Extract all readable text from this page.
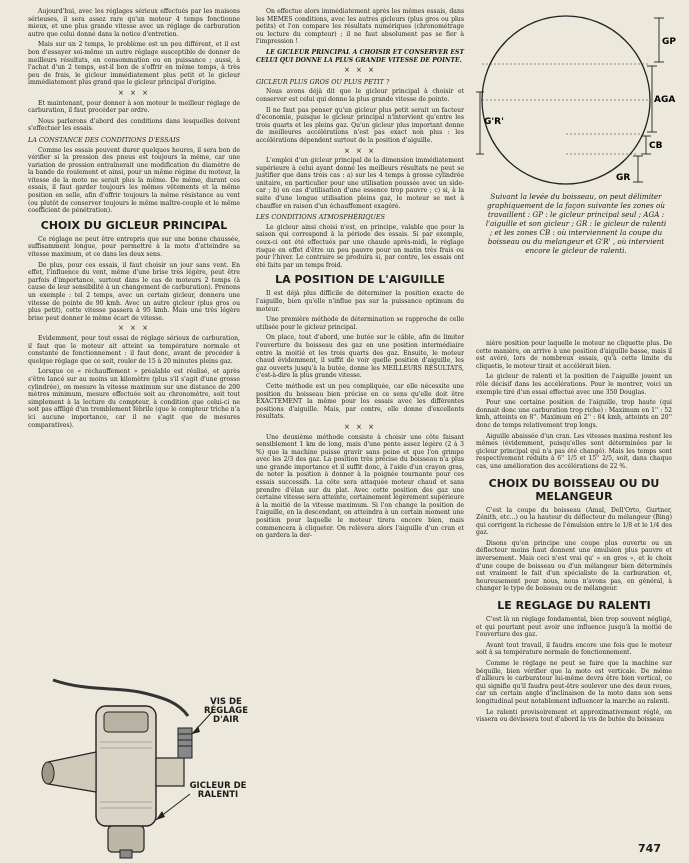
Aujourd'hui, avec les réglages sérieux effectués par les maisons sérieuses, il sera assez rare qu'un moteur 4 temps fonctionne mieux, et une plus grande vitesse avec un réglage de carburation autre que celui donné dans la notice d'entretien.

Mais sur un 2 temps, le problème est un peu différent, et il est bon d'essayer soi-même un autre réglage susceptible de donner de meilleurs résultats, en consommation ou en puissance ; aussi, à l'achat d'un 2 temps, est-il bon de s'offrir en même temps, à très peu de frais, le gicleur immédiatement plus petit et le gicleur immédiatement plus grand que le gicleur principal d'origine.

× × ×

Et maintenant, pour donner à son moteur le meilleur réglage de carburation, il faut procéder par ordre.

Nous parlerons d'abord des conditions dans lesquelles doivent s'effectuer les essais.

LA CONSTANCE DES CONDITIONS D'ESSAIS

Comme les essais peuvent durer quelques heures, il sera bon de vérifier si la pression des pneus est toujours la même, car une variation de pression entraînerait une modification du diamètre de la bande de roulement et ainsi, pour un même régime du moteur, la vitesse de la moto ne serait plus la même. De même, durant ces essais, il faut garder toujours les mêmes vêtements et la même position en selle, afin d'offrir toujours la même résistance au vent (ou plutôt de conserver toujours le même maître-couple et le même coefficient de pénétration).

CHOIX DU GICLEUR PRINCIPAL

Ce réglage ne peut être entrepris que sur une bonne chaussée, suffisamment longue, pour permettre à la moto d'atteindre sa vitesse maximum, et ce dans les deux sens.

De plus, pour ces essais, il faut choisir un jour sans vent. En effet, l'influence du vent, même d'une brise très légère, peut être parfois d'importance, surtout dans le cas de moteurs 2 temps (à cause de leur sensibilité à un changement de carburation). Prenons un exemple : tel 2 temps, avec un certain gicleur, donnera une vitesse de pointe de 90 kmh. Avec un autre gicleur (plus gros ou plus petit), cette vitesse passera à 95 kmh. Mais une très légère brise peut donner le même écart de vitesse.

× × ×

Evidemment, pour tout essai de réglage sérieux de carburation, il faut que le moteur ait atteint sa température normale et constante de fonctionnement : il faut donc, avant de procéder à quelque réglage que ce soit, rouler de 15 à 20 minutes pleins gaz.

Lorsque ce « réchauffement » préalable est réalisé, et après s'être lancé sur au moins un kilomètre (plus s'il s'agit d'une grosse cylindrée), on mesure la vitesse maximum sur une distance de 200 mètres minimum, mesure effectuée soit au chronomètre, soit tout simplement à la lecture du compteur, à condition que celui-ci ne soit pas affligé d'un tremblement fébrile (que le compteur triche n'a ici aucune importance, car il ne s'agit que de mesures comparatives).

VIS DE RÉGLAGE D'AIR
GICLEUR DE RALENTI

On effectue alors immédiatement après les mêmes essais, dans les MEMES conditions, avec les autres gicleurs (plus gros ou plus petits) et l'on compare les résultats numériques (chronométrage ou lecture du compteur) ; il ne faut absolument pas se fier à l'impression !

LE GICLEUR PRINCIPAL A CHOISIR ET CONSERVER EST CELUI QUI DONNE LA PLUS GRANDE VITESSE DE POINTE.

× × ×
GICLEUR PLUS GROS OU PLUS PETIT ?

Nous avons déjà dit que le gicleur principal à choisir et conserver est celui qui donne la plus grande vitesse de pointe.

Il ne faut pas penser qu'un gicleur plus petit serait un facteur d'économie, puisque le gicleur principal n'intervient qu'entre les trois quarts et les pleins gaz. Qu'un gicleur plus important donne de meilleures accélérations n'est pas exact non plus : les accélérations dépendent surtout de la position d'aiguille.

× × ×

L'emploi d'un gicleur principal de la dimension immédiatement supérieure à celui ayant donné les meilleurs résultats ne peut se justifier que dans trois cas : a) sur les 4 temps à grosse cylindrée unitaire, en particulier pour une utilisation poussée avec un side-car ; b) en cas d'utilisation d'une essence trop pauvre ; c) si, à la suite d'une longue utilisation pleins gaz, le moteur se met à chauffer en raison d'un échauffement exagéré.

LES CONDITIONS ATMOSPHÉRIQUES

Le gicleur ainsi choisi n'est, en principe, valable que pour la saison qui correspond à la période des essais. Si par exemple, ceux-ci ont été effectués par une chaude après-midi, le réglage risque en effet d'être un peu pauvre pour un matin très frais ou pour l'hiver. Le contraire se produira si, par contre, les essais ont été faits par un temps froid.

LA POSITION DE L'AIGUILLE

Il est déjà plus difficile de déterminer la position exacte de l'aiguille, bien qu'elle n'influe pas sur la puissance optimum du moteur.

Une première méthode de détermination se rapproche de celle utilisée pour le gicleur principal.

On place, tout d'abord, une butée sur le câble, afin de limiter l'ouverture du boisseau des gaz en une position intermédiaire entre la moitié et les trois quarts des gaz. Ensuite, le moteur chaud évidemment, il suffit de voir quelle position d'aiguille, les gaz ouverts jusqu'à la butée, donne les MEILLEURS RÉSULTATS, c'est-à-dire la plus grande vitesse.

Cette méthode est un peu compliquée, car elle nécessite une position du boisseau bien précise en ce sens qu'elle doit être EXACTEMENT la même pour les essais avec les différentes positions d'aiguille. Mais, par contre, elle donne d'excellents résultats.

× × ×

Une deuxième méthode consiste à choisir une côte faisant sensiblement 1 km de long, mais d'une pente assez légère (2 à 3 %) que la machine puisse gravir sans peine et que l'on grimpe avec les 2/3 des gaz. La position très précise du boisseau n'a plus une grande importance et il suffit donc, à l'aide d'un crayon gras, de noter la position à donner à la poignée tournante pour ces essais successifs. La côte sera attaquée moteur chaud et sans prendre d'élan sur du plat. Avec cette position des gaz une certaine vitesse sera atteinte, certainement légèrement supérieure à la moitié de la vitesse maximum. Si l'on change la position de l'aiguille, en la descendant, on atteindra à un certain moment une position pour laquelle le moteur tirera encore bien, mais commencera à cliqueter. On relèvera alors l'aiguille d'un cran et on gardera la der-

GP
G'R'
AGA
CB
GR
Suivant la levée du boisseau, on peut délimiter graphiquement de la façon suivante les zones où travaillent : GP : le gicleur principal seul ; AGA : l'aiguille et son gicleur ; GR : le gicleur de ralenti ; et les zones CB : où interviennent la coupe du boisseau ou du melangeur et G'R' , où intervient encore le gicleur de ralenti.

nière position pour laquelle le moteur ne cliquette plus. De cette manière, on arrive à une position d'aiguille basse, mais il est avéré, lors de nombreux essais, qu'à cette limite du cliquetis, le moteur tirait et accélérait bien.

Le gicleur de ralenti et la position de l'aiguille jouent un rôle décisif dans les accélérations. Pour le montrer, voici un exemple tiré d'un essai effectué avec une 350 Douglas.

Pour une certaine position de l'aiguille, trop haute (qui donnait donc une carburation trop riche) : Maximum en 1'' : 52 kmh, atteints en 8''. Maximum en 2'' : 84 kmh, atteints en 20'' donc de temps relativement trop longs.

Aiguille abaissée d'un cran. Les vitesses maxima restent les mêmes (évidemment, puisqu'elles sont déterminées par le gicleur principal qui n'a pas été changé). Mais les temps sont respectivement réduits à 6'' 1/5 et 15'' 2/5, soit, dans chaque cas, une amélioration des accélérations de 22 %.

CHOIX DU BOISSEAU OU DU MELANGEUR

C'est la coupe du boisseau (Amal, Dell'Orto, Gurtner, Zénith, etc...) ou la hauteur du déflecteur du mélangeur (Bing) qui corrigent la richesse de l'émulsion entre le 1/8 et le 1/4 des gaz.

Disons qu'en principe une coupe plus ouverte ou un déflecteur moins haut donnent une émulsion plus pauvre et inversement. Mais ceci n'est vrai qu' « en gros », et le choix d'une coupe de boisseau ou d'un mélangeur bien déterminés est vraiment le fait d'un spécialiste de la carburation et, heureusement pour nous, nous n'avons pas, en général, à changer le type de boisseau ou de mélangeur.

LE REGLAGE DU RALENTI

C'est là un réglage fondamental, bien trop souvent négligé, et qui pourtant peut avoir une influence jusqu'à la moitié de l'ouverture des gaz.

Avant tout travail, il faudra encore une fois que le moteur soit à sa température normale de fonctionnement.

Comme le réglage ne peut se faire que la machine sur béquille, bien vérifier que la moto est verticale. De même d'ailleurs le carburateur lui-même devra être bien vertical, ce qui signifie qu'il faudra peut-être soulever une des deux roues, car un certain angle d'inclinaison de la moto dans son sens longitudinal peut notablement influencer la marche au ralenti.

Le ralenti provisoirement et approximativement réglé, on vissera ou dévissera tout d'abord la vis de butée du boisseau

747
